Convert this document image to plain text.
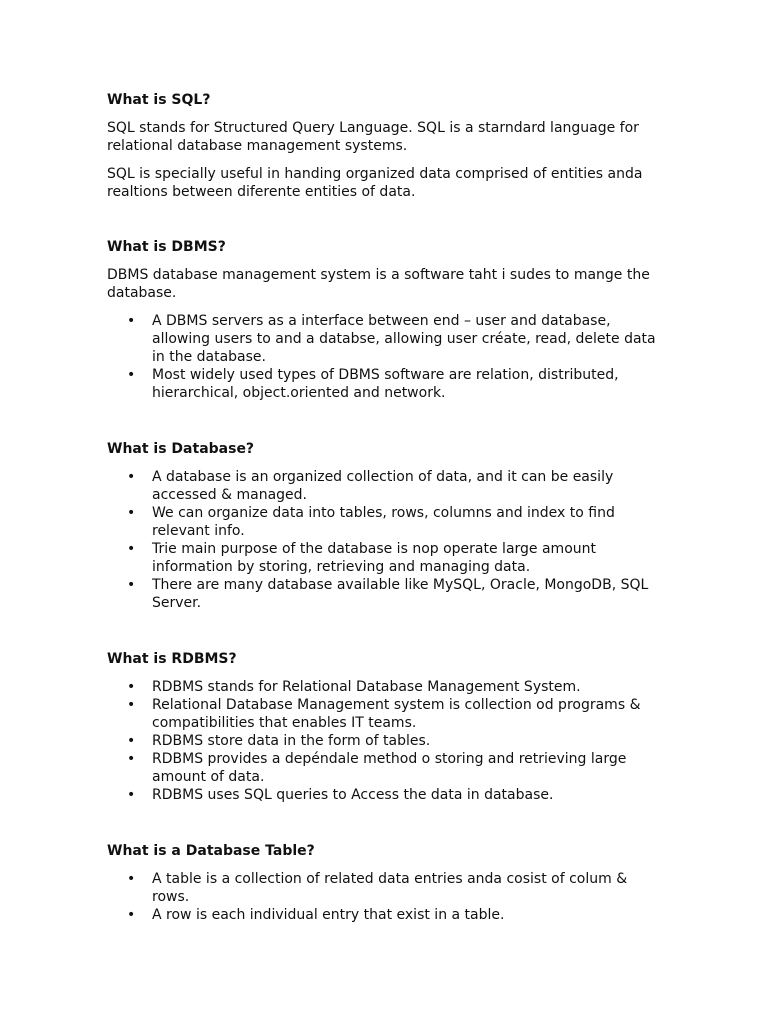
What is SQL?

SQL stands for Structured Query Language. SQL is a starndard language for relational database management systems.

SQL is specially useful in handing organized data comprised of entities anda realtions between diferente entities of data.

What is DBMS?

DBMS database management system is a software taht i sudes to mange the database.

• A DBMS servers as a interface between end – user and database, allowing users to and a databse, allowing user créate, read, delete data in the database.
• Most widely used types of DBMS software are relation, distributed, hierarchical, object.oriented and network.
What is Database?
• A database is an organized collection of data, and it can be easily accessed & managed.
• We can organize data into tables, rows, columns and index to find relevant info.
• Trie main purpose of the database is nop operate large amount information by storing, retrieving and managing data.
• There are many database available like MySQL, Oracle, MongoDB, SQL Server.
What is RDBMS?
• RDBMS stands for Relational Database Management System.
• Relational Database Management system is collection od programs & compatibilities that enables IT teams.
• RDBMS store data in the form of tables.
• RDBMS provides a depéndale method o storing and retrieving large amount of data.
• RDBMS uses SQL queries to Access the data in database.
What is a Database Table?
• A table is a collection of related data entries anda cosist of colum & rows.
• A row is each individual entry that exist in a table.
